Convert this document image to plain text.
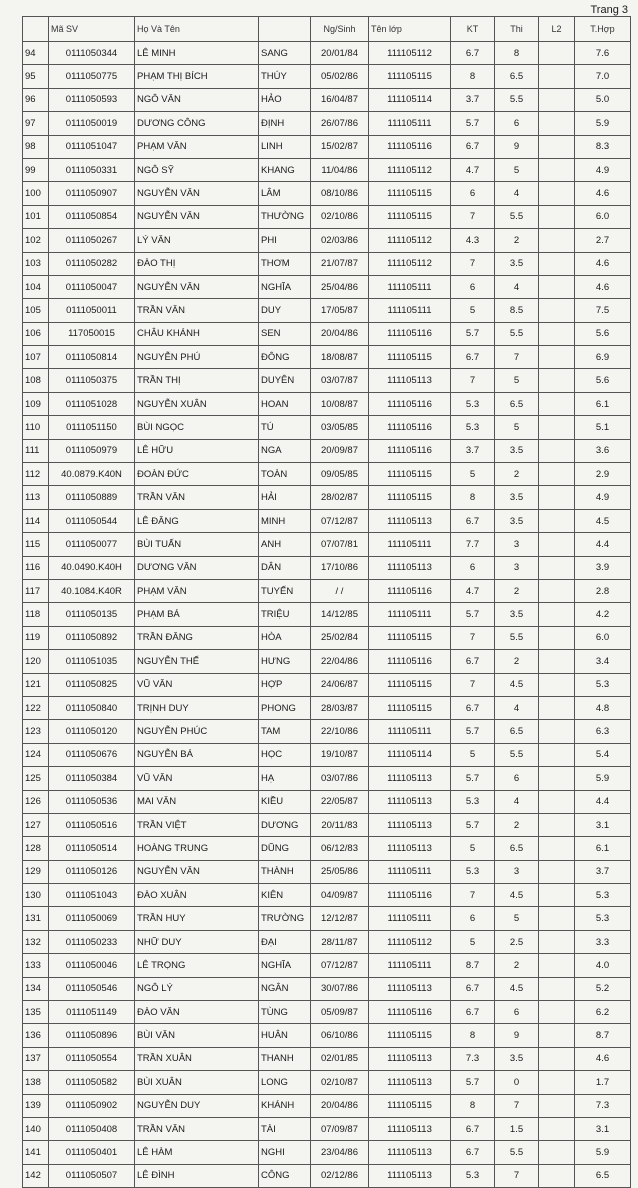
Trang 3
	Mã SV	Họ Và Tên		Ng/Sinh	Tên lớp	KT	Thi	L2	T.Hợp
94	0111050344	LÊ MINH	SANG	20/01/84	111105112	6.7	8		7.6
95	0111050775	PHẠM THỊ BÍCH	THÚY	05/02/86	111105115	8	6.5		7.0
96	0111050593	NGÔ VĂN	HẢO	16/04/87	111105114	3.7	5.5		5.0
97	0111050019	DƯƠNG CÔNG	ĐỊNH	26/07/86	111105111	5.7	6		5.9
98	0111051047	PHẠM VĂN	LINH	15/02/87	111105116	6.7	9		8.3
99	0111050331	NGÔ SỸ	KHANG	11/04/86	111105112	4.7	5		4.9
100	0111050907	NGUYỄN VĂN	LÂM	08/10/86	111105115	6	4		4.6
101	0111050854	NGUYỄN VĂN	THƯỜNG	02/10/86	111105115	7	5.5		6.0
102	0111050267	LÝ VĂN	PHI	02/03/86	111105112	4.3	2		2.7
103	0111050282	ĐÀO THỊ	THƠM	21/07/87	111105112	7	3.5		4.6
104	0111050047	NGUYỄN VĂN	NGHĨA	25/04/86	111105111	6	4		4.6
105	0111050011	TRẦN VĂN	DUY	17/05/87	111105111	5	8.5		7.5
106	117050015	CHÂU KHÁNH	SEN	20/04/86	111105116	5.7	5.5		5.6
107	0111050814	NGUYỄN PHÚ	ĐÔNG	18/08/87	111105115	6.7	7		6.9
108	0111050375	TRẦN THỊ	DUYÊN	03/07/87	111105113	7	5		5.6
109	0111051028	NGUYỄN XUÂN	HOAN	10/08/87	111105116	5.3	6.5		6.1
110	0111051150	BÙI NGỌC	TÚ	03/05/85	111105116	5.3	5		5.1
111	0111050979	LÊ HỮU	NGA	20/09/87	111105116	3.7	3.5		3.6
112	40.0879.K40N	ĐOÀN ĐỨC	TOÀN	09/05/85	111105115	5	2		2.9
113	0111050889	TRẦN VĂN	HẢI	28/02/87	111105115	8	3.5		4.9
114	0111050544	LÊ ĐĂNG	MINH	07/12/87	111105113	6.7	3.5		4.5
115	0111050077	BÙI TUẤN	ANH	07/07/81	111105111	7.7	3		4.4
116	40.0490.K40H	DƯƠNG VĂN	DÂN	17/10/86	111105113	6	3		3.9
117	40.1084.K40R	PHẠM VĂN	TUYẾN	/ /	111105116	4.7	2		2.8
118	0111050135	PHẠM BÁ	TRIỆU	14/12/85	111105111	5.7	3.5		4.2
119	0111050892	TRẦN ĐĂNG	HÒA	25/02/84	111105115	7	5.5		6.0
120	0111051035	NGUYỄN THẾ	HƯNG	22/04/86	111105116	6.7	2		3.4
121	0111050825	VŨ VĂN	HỢP	24/06/87	111105115	7	4.5		5.3
122	0111050840	TRỊNH DUY	PHONG	28/03/87	111105115	6.7	4		4.8
123	0111050120	NGUYỄN PHÚC	TAM	22/10/86	111105111	5.7	6.5		6.3
124	0111050676	NGUYỄN BÁ	HỌC	19/10/87	111105114	5	5.5		5.4
125	0111050384	VŨ VĂN	HẠ	03/07/86	111105113	5.7	6		5.9
126	0111050536	MAI VĂN	KIỀU	22/05/87	111105113	5.3	4		4.4
127	0111050516	TRẦN VIỆT	DƯƠNG	20/11/83	111105113	5.7	2		3.1
128	0111050514	HOÀNG TRUNG	DŨNG	06/12/83	111105113	5	6.5		6.1
129	0111050126	NGUYỄN VĂN	THÀNH	25/05/86	111105111	5.3	3		3.7
130	0111051043	ĐÀO XUÂN	KIÊN	04/09/87	111105116	7	4.5		5.3
131	0111050069	TRẦN HUY	TRƯỜNG	12/12/87	111105111	6	5		5.3
132	0111050233	NHỮ DUY	ĐẠI	28/11/87	111105112	5	2.5		3.3
133	0111050046	LÊ TRỌNG	NGHĨA	07/12/87	111105111	8.7	2		4.0
134	0111050546	NGÔ LÝ	NGÂN	30/07/86	111105113	6.7	4.5		5.2
135	0111051149	ĐÀO VĂN	TÙNG	05/09/87	111105116	6.7	6		6.2
136	0111050896	BÙI VĂN	HUÂN	06/10/86	111105115	8	9		8.7
137	0111050554	TRẦN XUÂN	THANH	02/01/85	111105113	7.3	3.5		4.6
138	0111050582	BÙI XUÂN	LONG	02/10/87	111105113	5.7	0		1.7
139	0111050902	NGUYỄN DUY	KHÁNH	20/04/86	111105115	8	7		7.3
140	0111050408	TRẦN VĂN	TÀI	07/09/87	111105113	6.7	1.5		3.1
141	0111050401	LÊ HÀM	NGHI	23/04/86	111105113	6.7	5.5		5.9
142	0111050507	LÊ ĐÌNH	CÔNG	02/12/86	111105113	5.3	7		6.5
